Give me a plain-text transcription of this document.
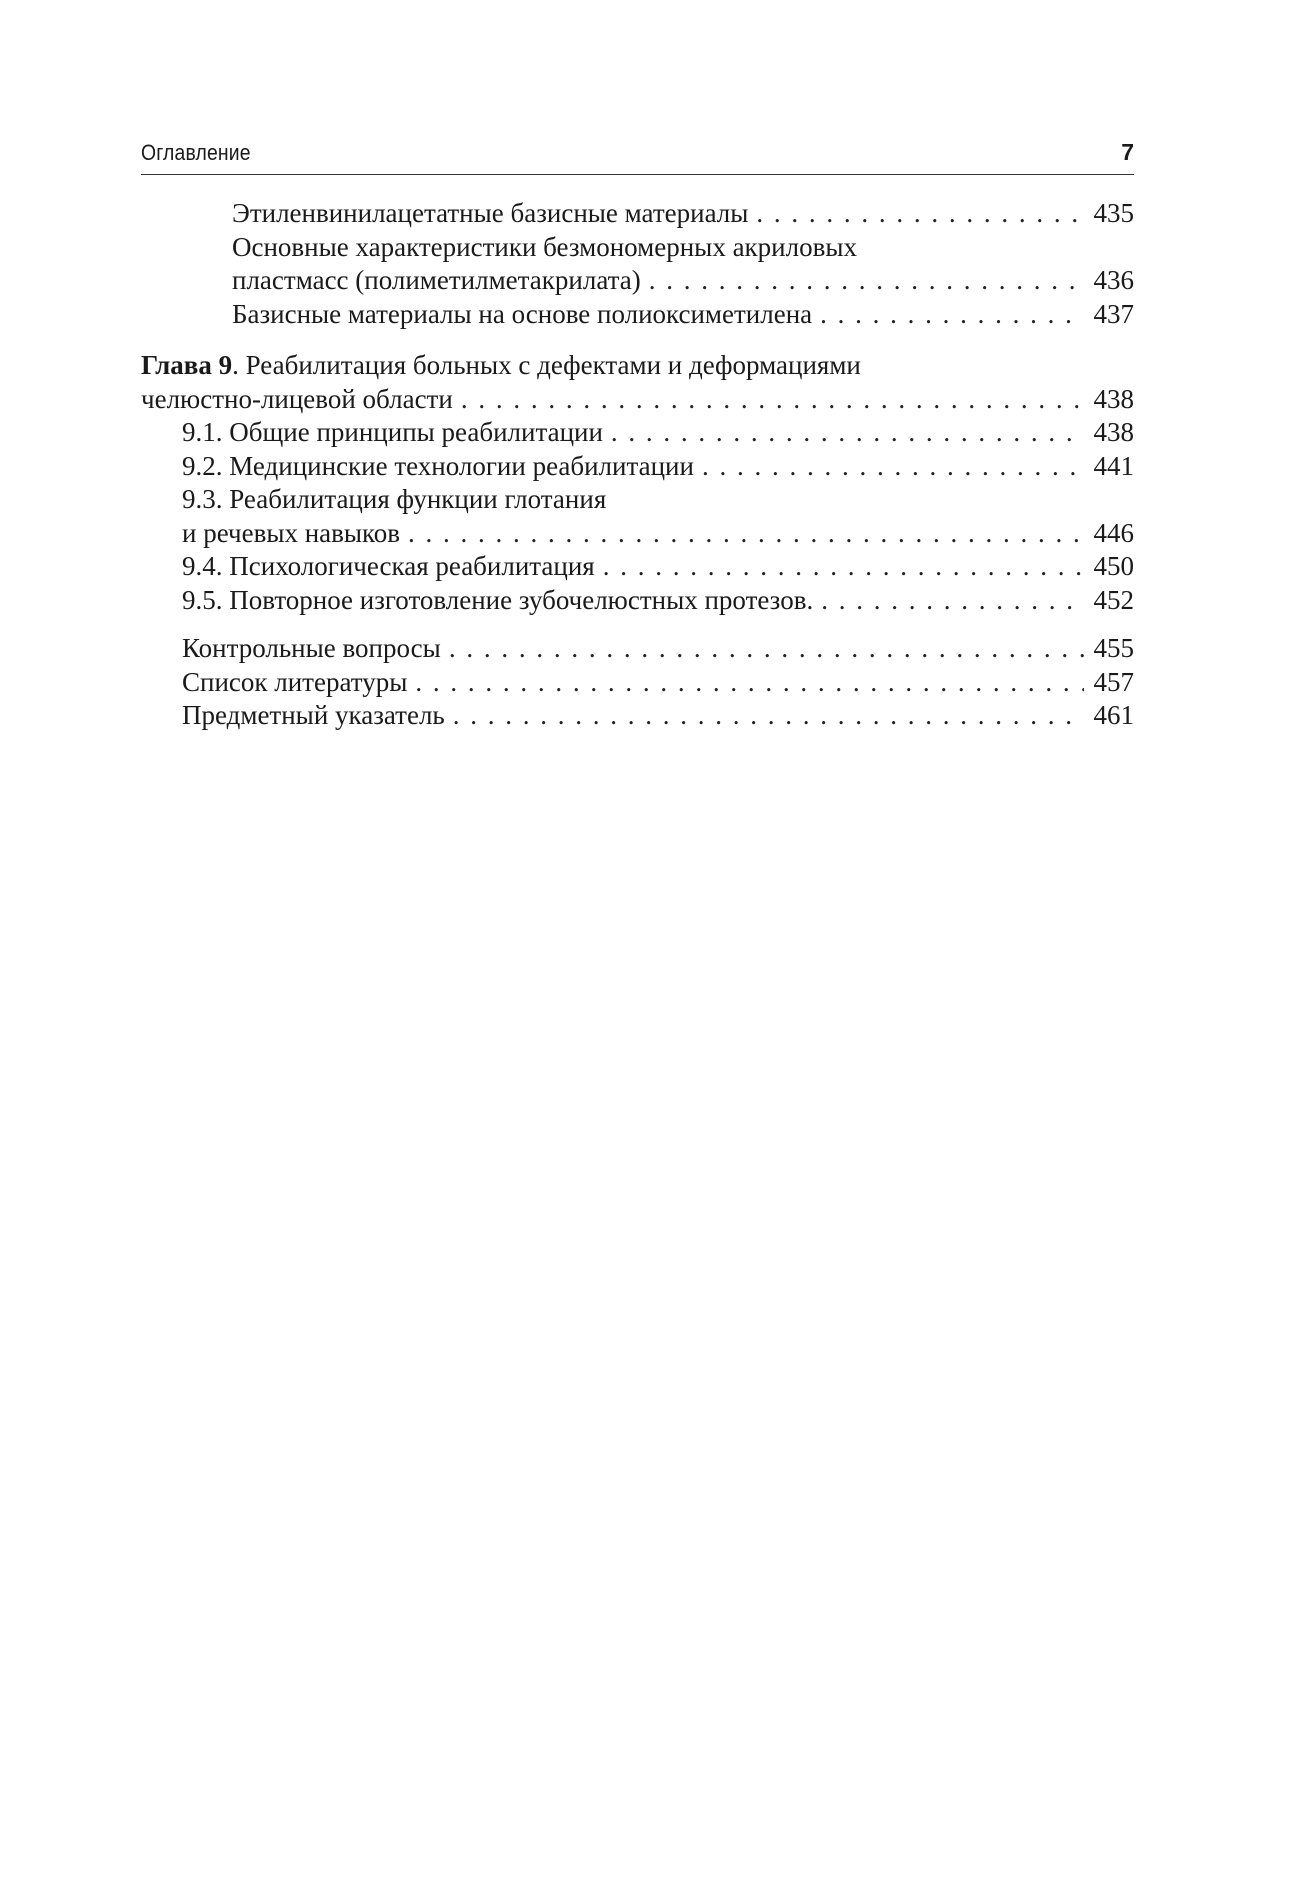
Оглавление	7
Этиленвинилацетатные базисные материалы . . .	435
Основные характеристики безмономерных акриловых
пластмасс (полиметилметакрилата) . . .	436
Базисные материалы на основе полиоксиметилена . . .	437
Глава 9. Реабилитация больных с дефектами и деформациями
челюстно-лицевой области . . .	438
9.1. Общие принципы реабилитации . . .	438
9.2. Медицинские технологии реабилитации . . .	441
9.3. Реабилитация функции глотания
и речевых навыков . . .	446
9.4. Психологическая реабилитация . . .	450
9.5. Повторное изготовление зубочелюстных протезов. . . .	452
Контрольные вопросы . . .	455
Список литературы . . .	457
Предметный указатель . . .	461
